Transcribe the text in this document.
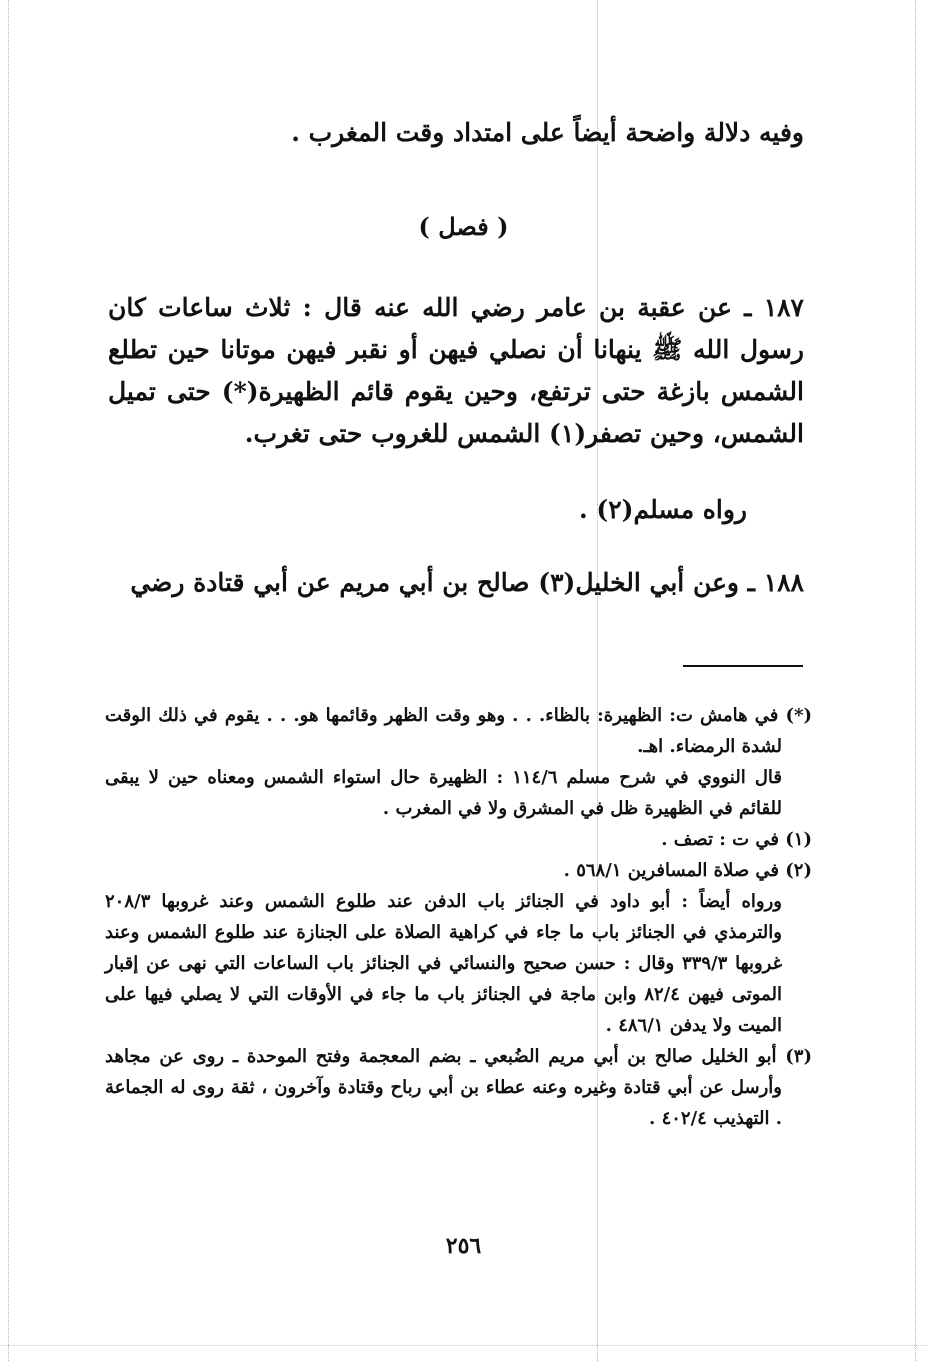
وفيه دلالة واضحة أيضاً على امتداد وقت المغرب .
( فصل )
١٨٧ ـ عن عقبة بن عامر رضي الله عنه قال : ثلاث ساعات كان رسول الله ﷺ ينهانا أن نصلي فيهن أو نقبر فيهن موتانا حين تطلع الشمس بازغة حتى ترتفع، وحين يقوم قائم الظهيرة(*) حتى تميل الشمس، وحين تصفر(١) الشمس للغروب حتى تغرب.
رواه مسلم(٢) .
١٨٨ ـ وعن أبي الخليل(٣) صالح بن أبي مريم عن أبي قتادة رضي
(*) في هامش ت: الظهيرة: بالظاء. . . وهو وقت الظهر وقائمها هو. . . يقوم في ذلك الوقت لشدة الرمضاء. اهـ.
قال النووي في شرح مسلم ١١٤/٦ : الظهيرة حال استواء الشمس ومعناه حين لا يبقى للقائم في الظهيرة ظل في المشرق ولا في المغرب .
(١) في ت : تصف .
(٢) في صلاة المسافرين ٥٦٨/١ .
ورواه أيضاً : أبو داود في الجنائز باب الدفن عند طلوع الشمس وعند غروبها ٢٠٨/٣ والترمذي في الجنائز باب ما جاء في كراهية الصلاة على الجنازة عند طلوع الشمس وعند غروبها ٣٣٩/٣ وقال : حسن صحيح والنسائي في الجنائز باب الساعات التي نهى عن إقبار الموتى فيهن ٨٢/٤ وابن ماجة في الجنائز باب ما جاء في الأوقات التي لا يصلي فيها على الميت ولا يدفن ٤٨٦/١ .
(٣) أبو الخليل صالح بن أبي مريم الضُبعي ـ بضم المعجمة وفتح الموحدة ـ روى عن مجاهد وأرسل عن أبي قتادة وغيره وعنه عطاء بن أبي رباح وقتادة وآخرون ، ثقة روى له الجماعة . التهذيب ٤٠٢/٤ .
٢٥٦
